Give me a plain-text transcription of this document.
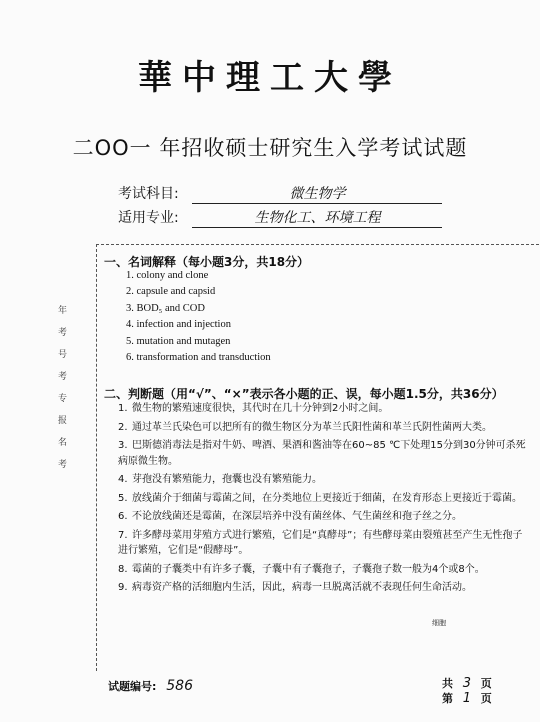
華中理工大學
二OO一 年招收硕士研究生入学考试试题
考试科目:	微生物学
适用专业:	生物化工、环境工程
年考号考专报名考
一、名词解释（每小题3分，共18分）
1. colony and clone
2. capsule and capsid
3. BOD₅ and COD
4. infection and injection
5. mutation and mutagen
6. transformation and transduction
二、判断题（用“√”、“×”表示各小题的正、误，每小题1.5分，共36分）
1. 微生物的繁殖速度很快，其代时在几十分钟到2小时之间。
2. 通过革兰氏染色可以把所有的微生物区分为革兰氏阳性菌和革兰氏阴性菌两大类。
3. 巴斯德消毒法是指对牛奶、啤酒、果酒和酱油等在60~85 ℃下处理15分到30分钟可杀死病原微生物。
4. 芽孢没有繁殖能力，孢囊也没有繁殖能力。
5. 放线菌介于细菌与霉菌之间，在分类地位上更接近于细菌，在发育形态上更接近于霉菌。
6. 不论放线菌还是霉菌，在深层培养中没有菌丝体、气生菌丝和孢子丝之分。
7. 许多酵母菜用芽殖方式进行繁殖，它们是“真酵母”；有些酵母菜由裂殖甚至产生无性孢子进行繁殖，它们是“假酵母”。
8. 霉菌的子囊类中有许多子囊，子囊中有子囊孢子，子囊孢子数一般为4个或8个。
9. 病毒资产格的活细胞内生活，因此，病毒一旦脱离活就不表现任何生命活动。
细胞
试题编号: 586	共 3 页
第 1 页
